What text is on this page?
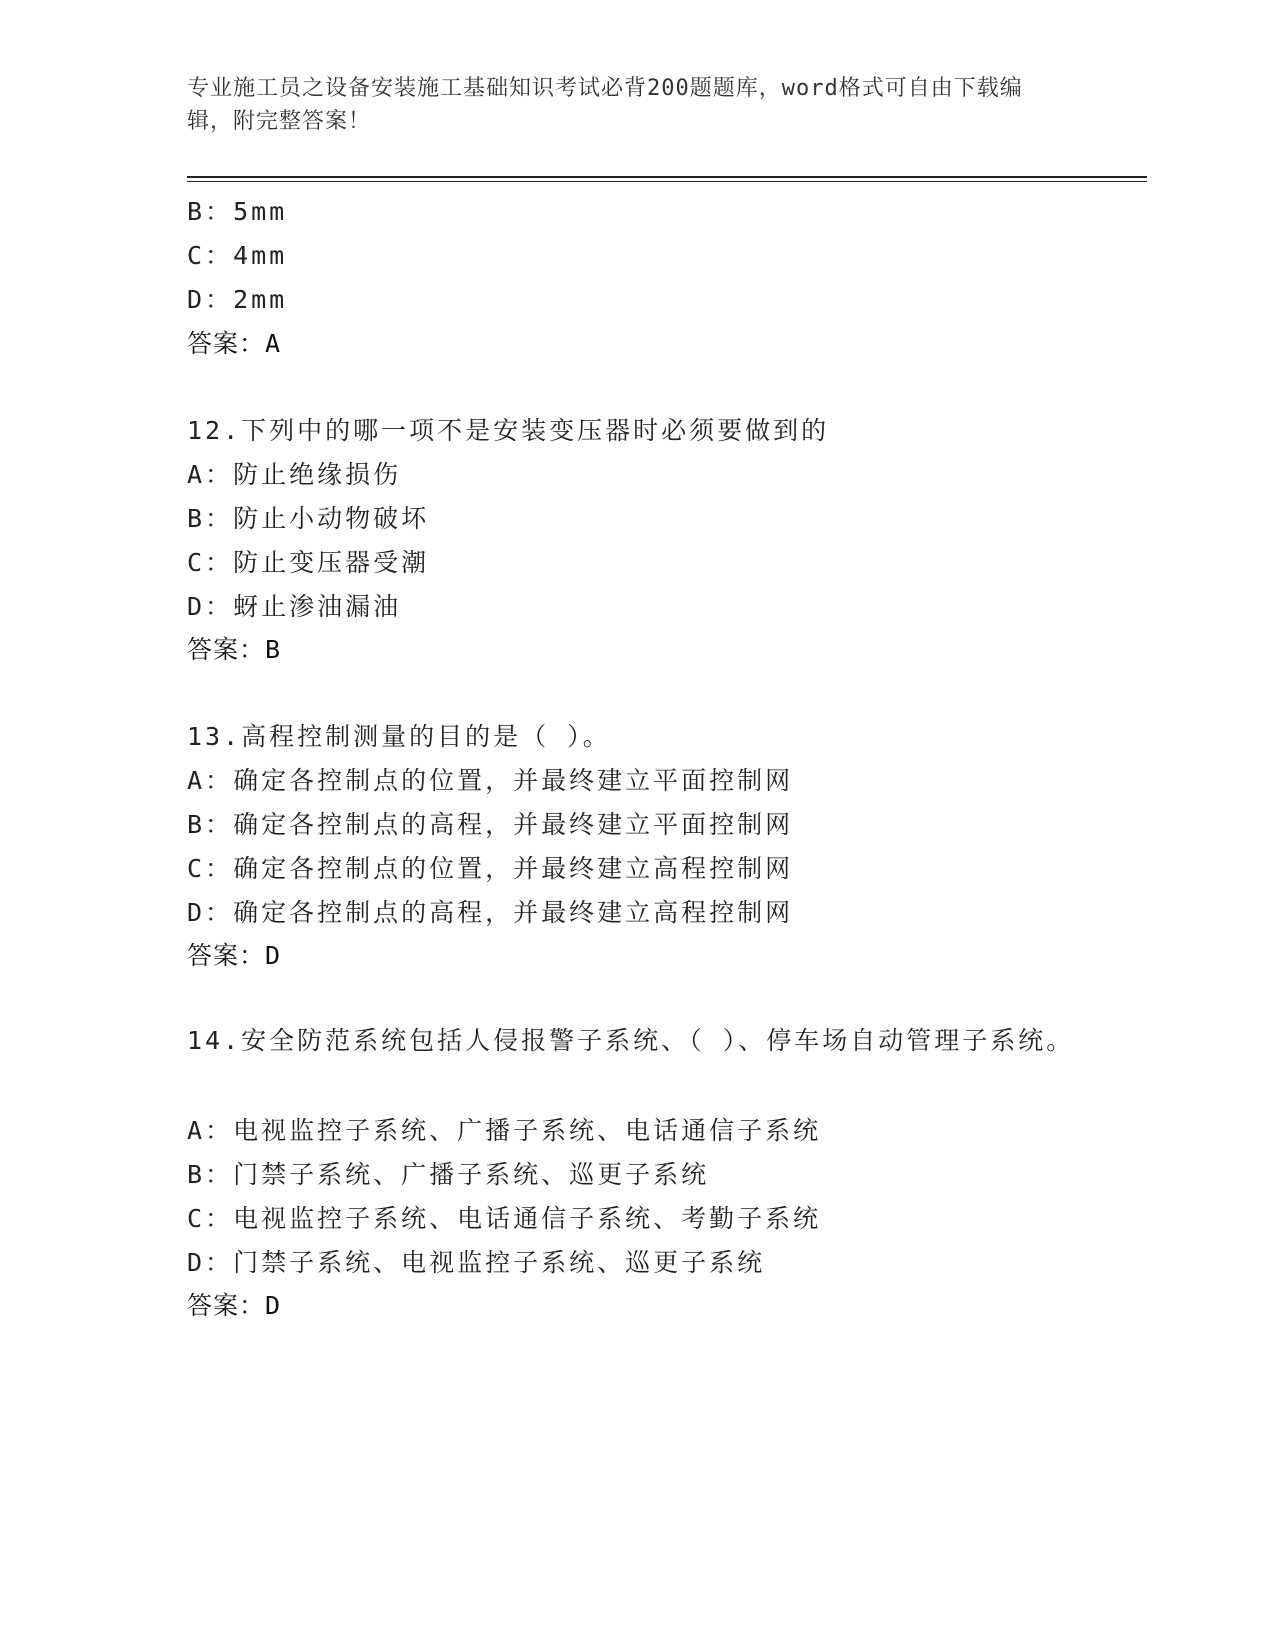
专业施工员之设备安装施工基础知识考试必背200题题库，word格式可自由下载编辑，附完整答案！
B：5mm
C：4mm
D：2mm
答案：A
12.下列中的哪一项不是安装变压器时必须要做到的
A：防止绝缘损伤
B：防止小动物破坏
C：防止变压器受潮
D：蚜止渗油漏油
答案：B
13.高程控制测量的目的是（ ）。
A：确定各控制点的位置，并最终建立平面控制网
B：确定各控制点的高程，并最终建立平面控制网
C：确定各控制点的位置，并最终建立高程控制网
D：确定各控制点的高程，并最终建立高程控制网
答案：D
14.安全防范系统包括人侵报警子系统、（ ）、停车场自动管理子系统。
A：电视监控子系统、广播子系统、电话通信子系统
B：门禁子系统、广播子系统、巡更子系统
C：电视监控子系统、电话通信子系统、考勤子系统
D：门禁子系统、电视监控子系统、巡更子系统
答案：D
